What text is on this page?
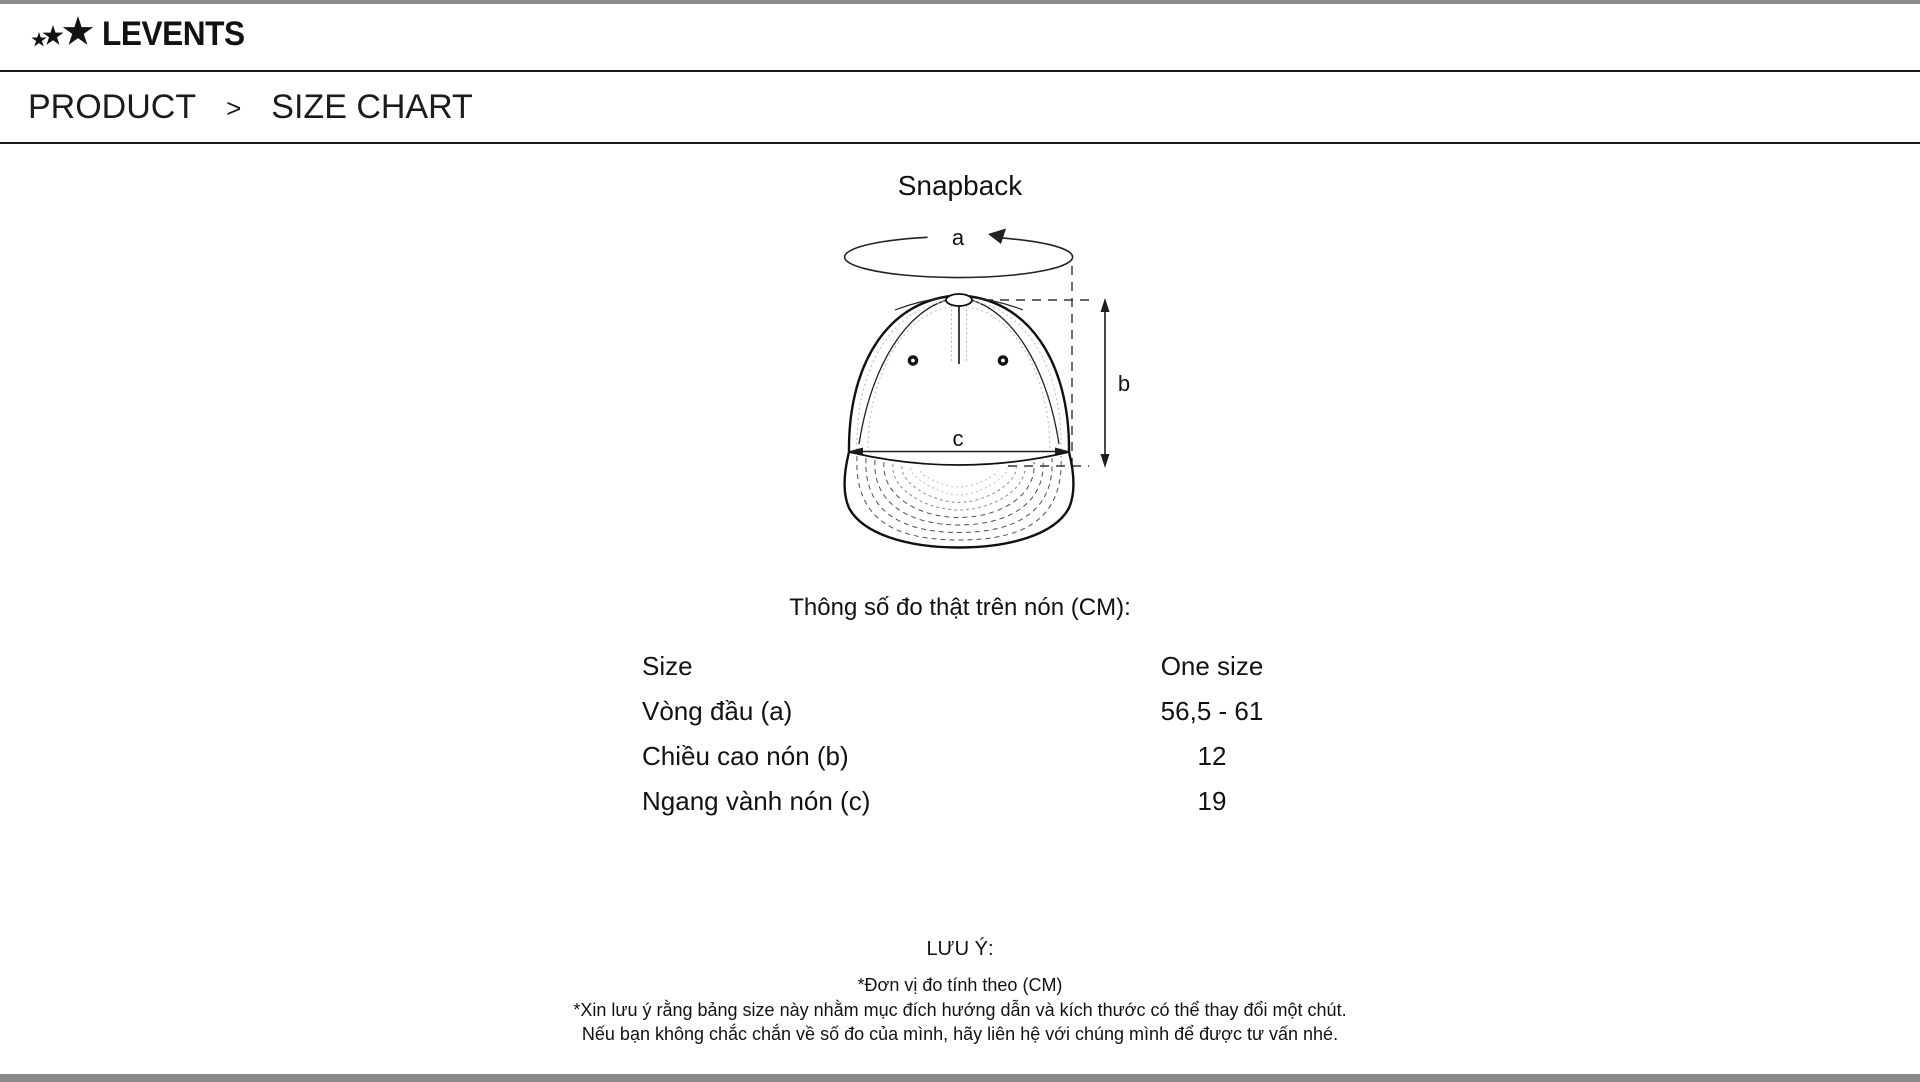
LEVENTS
PRODUCT > SIZE CHART
Snapback
a
b
c
Thông số đo thật trên nón (CM):
Size	One size
Vòng đầu (a)	56,5 - 61
Chiều cao nón (b)	12
Ngang vành nón (c)	19
LƯU Ý:
*Đơn vị đo tính theo (CM)
*Xin lưu ý rằng bảng size này nhằm mục đích hướng dẫn và kích thước có thể thay đổi một chút.
Nếu bạn không chắc chắn về số đo của mình, hãy liên hệ với chúng mình để được tư vấn nhé.
